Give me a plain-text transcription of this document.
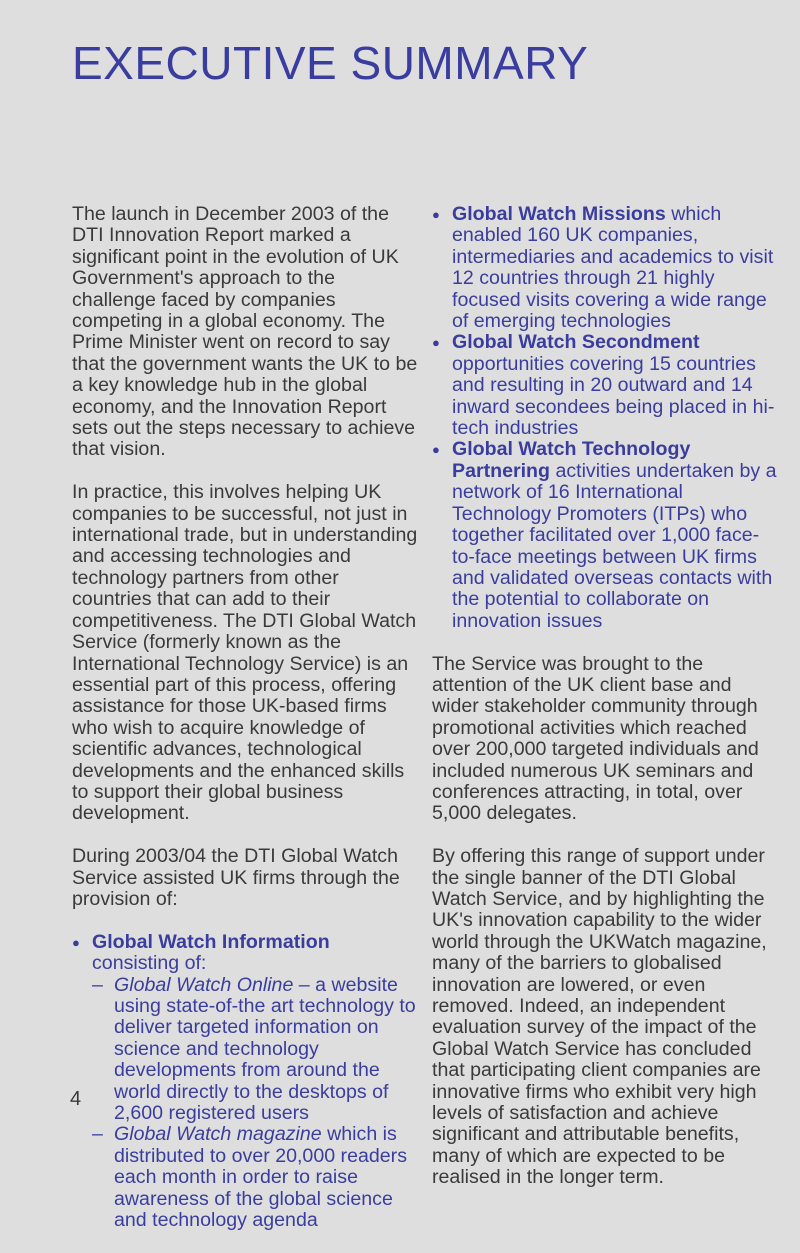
EXECUTIVE SUMMARY

The launch in December 2003 of the DTI Innovation Report marked a significant point in the evolution of UK Government's approach to the challenge faced by companies competing in a global economy. The Prime Minister went on record to say that the government wants the UK to be a key knowledge hub in the global economy, and the Innovation Report sets out the steps necessary to achieve that vision.

In practice, this involves helping UK companies to be successful, not just in international trade, but in understanding and accessing technologies and technology partners from other countries that can add to their competitiveness. The DTI Global Watch Service (formerly known as the International Technology Service) is an essential part of this process, offering assistance for those UK-based firms who wish to acquire knowledge of scientific advances, technological developments and the enhanced skills to support their global business development.

During 2003/04 the DTI Global Watch Service assisted UK firms through the provision of:

● Global Watch Information consisting of:
– Global Watch Online – a website using state-of-the art technology to deliver targeted information on science and technology developments from around the world directly to the desktops of 2,600 registered users
– Global Watch magazine which is distributed to over 20,000 readers each month in order to raise awareness of the global science and technology agenda
● Global Watch Missions which enabled 160 UK companies, intermediaries and academics to visit 12 countries through 21 highly focused visits covering a wide range of emerging technologies
● Global Watch Secondment opportunities covering 15 countries and resulting in 20 outward and 14 inward secondees being placed in hi-tech industries
● Global Watch Technology Partnering activities undertaken by a network of 16 International Technology Promoters (ITPs) who together facilitated over 1,000 face-to-face meetings between UK firms and validated overseas contacts with the potential to collaborate on innovation issues

The Service was brought to the attention of the UK client base and wider stakeholder community through promotional activities which reached over 200,000 targeted individuals and included numerous UK seminars and conferences attracting, in total, over 5,000 delegates.

By offering this range of support under the single banner of the DTI Global Watch Service, and by highlighting the UK's innovation capability to the wider world through the UKWatch magazine, many of the barriers to globalised innovation are lowered, or even removed. Indeed, an independent evaluation survey of the impact of the Global Watch Service has concluded that participating client companies are innovative firms who exhibit very high levels of satisfaction and achieve significant and attributable benefits, many of which are expected to be realised in the longer term.

4
